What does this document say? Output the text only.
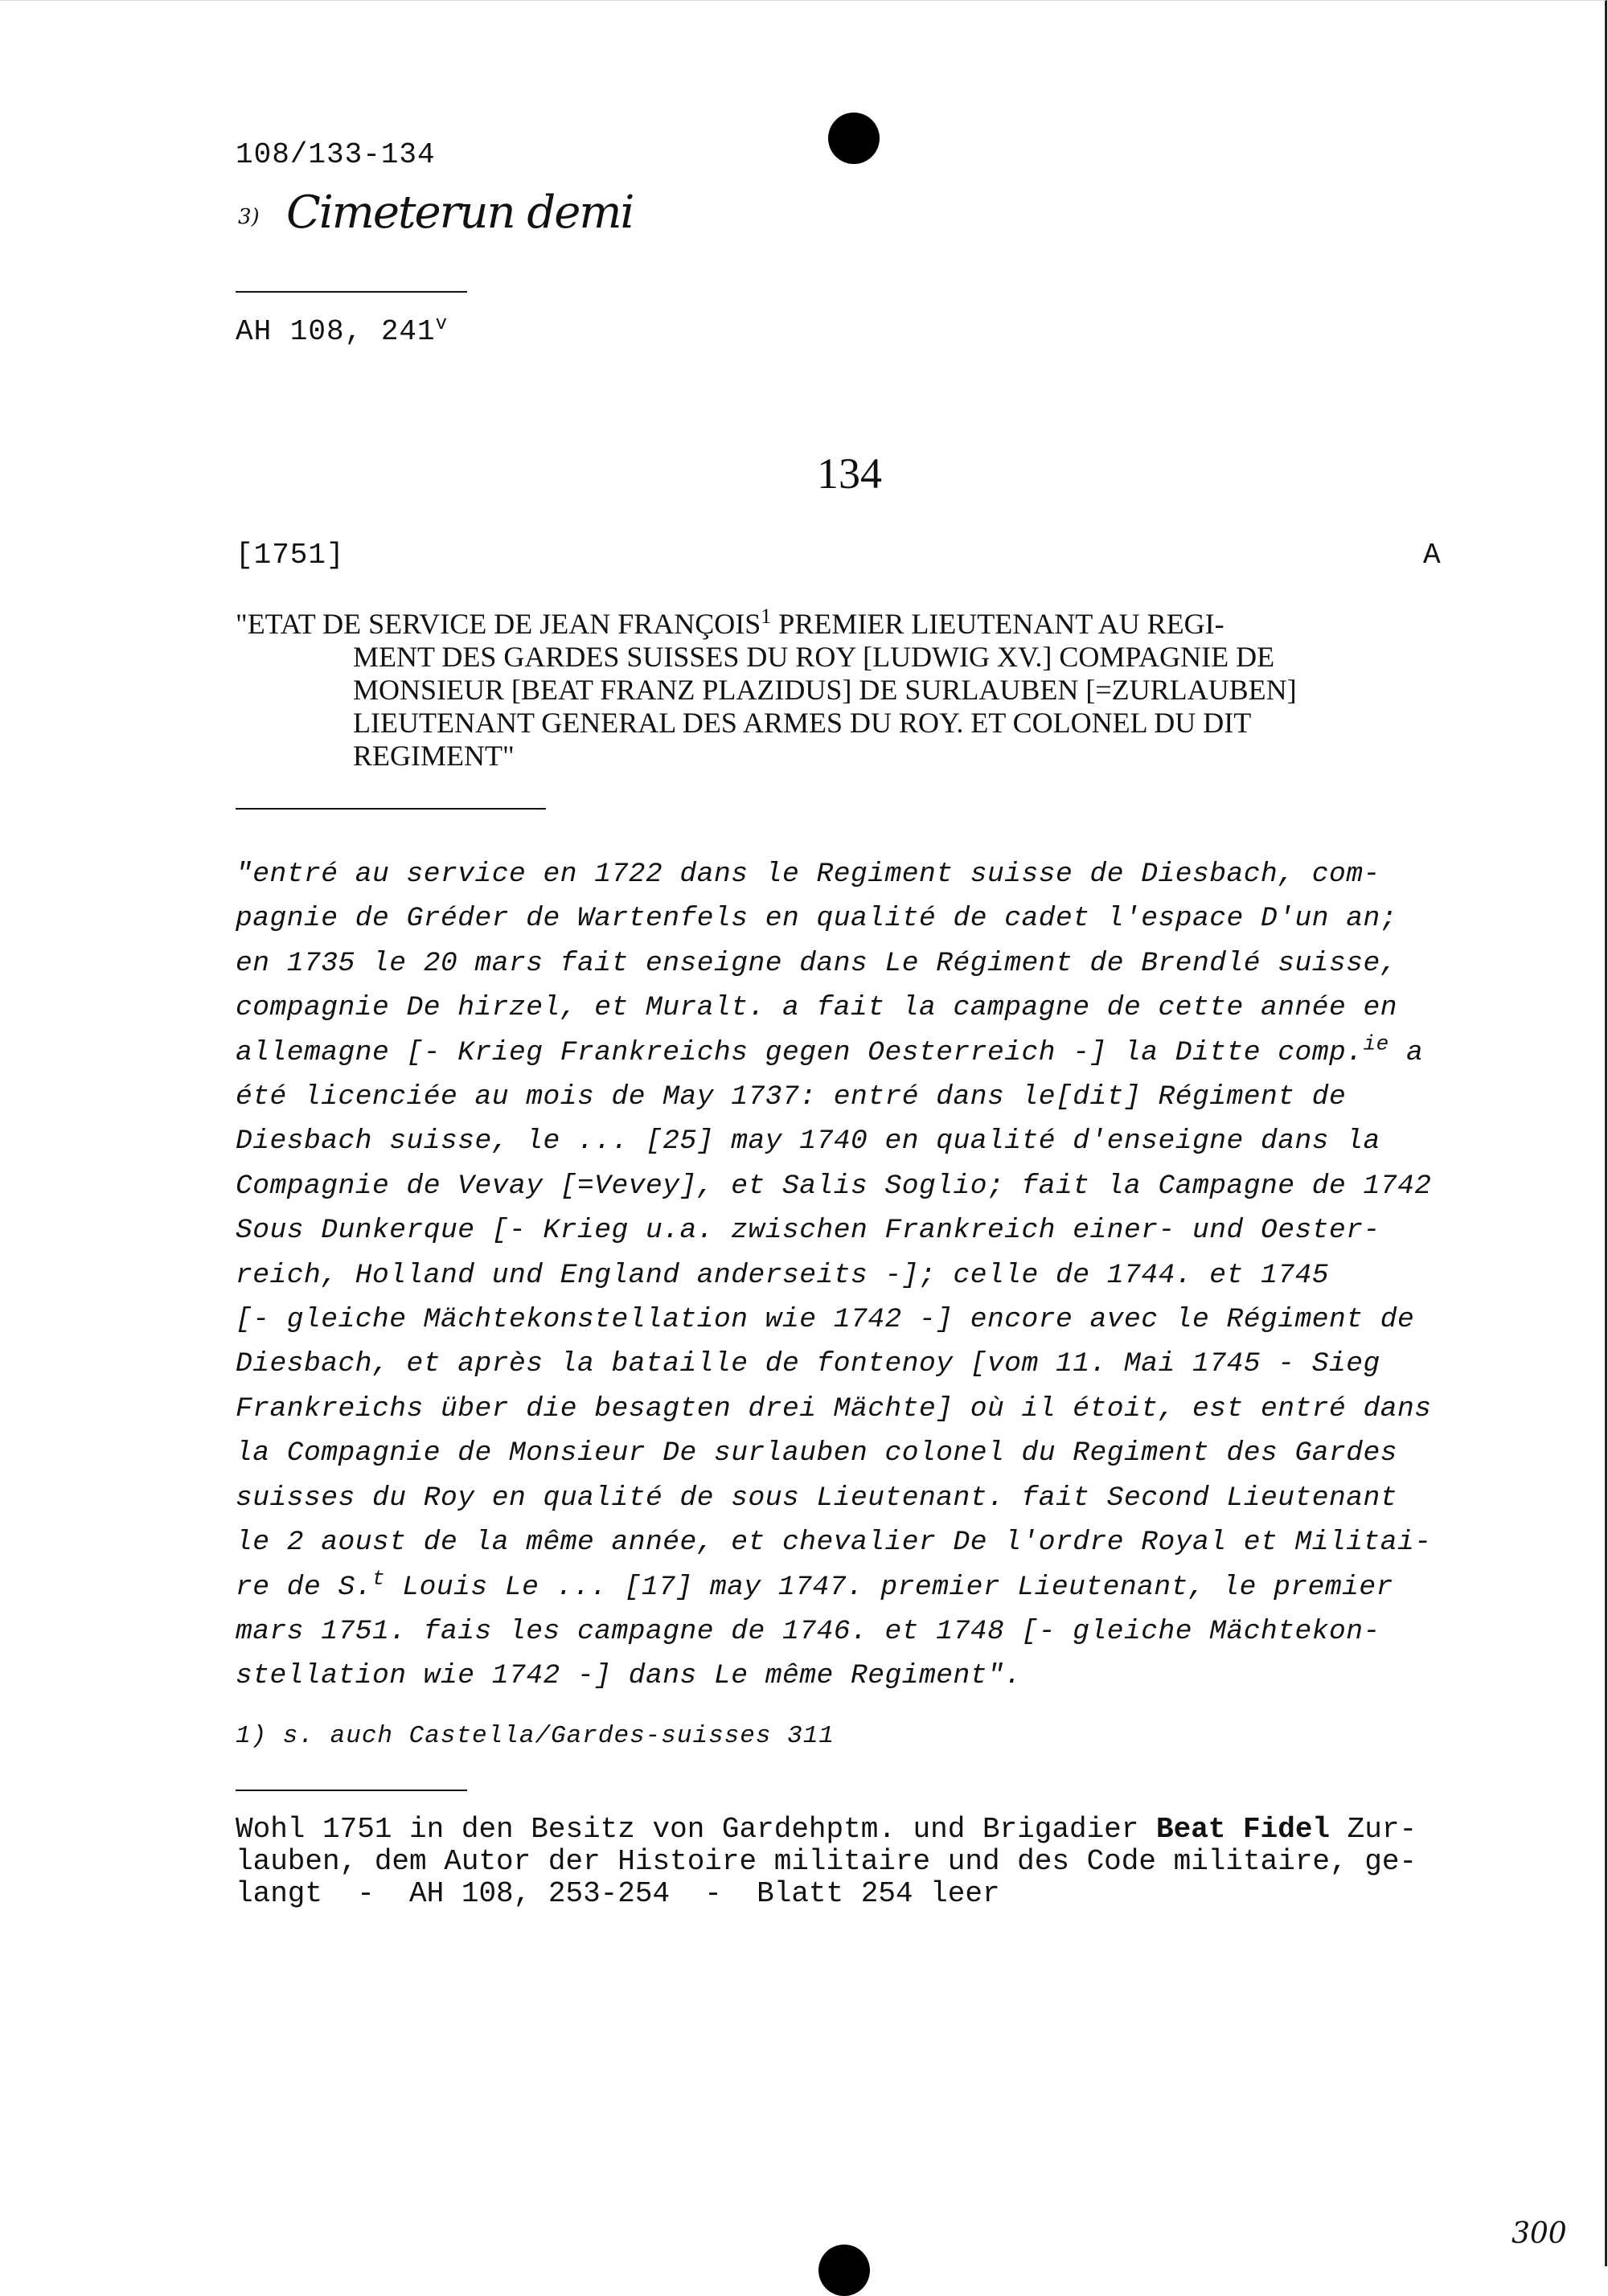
108/133-134
3) Cimeterun demi
AH 108, 241$^v$
134
[1751]	A
"ETAT DE SERVICE DE JEAN FRANÇOIS$^1$ PREMIER LIEUTENANT AU REGI-
MENT DES GARDES SUISSES DU ROY [LUDWIG XV.] COMPAGNIE DE
MONSIEUR [BEAT FRANZ PLAZIDUS] DE SURLAUBEN [=ZURLAUBEN]
LIEUTENANT GENERAL DES ARMES DU ROY. ET COLONEL DU DIT
REGIMENT"
"entré au service en 1722 dans le Regiment suisse de Diesbach, com-
pagnie de Gréder de Wartenfels en qualité de cadet l'espace D'un an;
en 1735 le 20 mars fait enseigne dans Le Régiment de Brendlé suisse,
compagnie De hirzel, et Muralt. a fait la campagne de cette année en
allemagne [- Krieg Frankreichs gegen Oesterreich -] la Ditte comp.$^{ie}$ a
été licenciée au mois de May 1737: entré dans le[dit] Régiment de
Diesbach suisse, le ... [25] may 1740 en qualité d'enseigne dans la
Compagnie de Vevay [=Vevey], et Salis Soglio; fait la Campagne de 1742
Sous Dunkerque [- Krieg u.a. zwischen Frankreich einer- und Oester-
reich, Holland und England anderseits -]; celle de 1744. et 1745
[- gleiche Mächtekonstellation wie 1742 -] encore avec le Régiment de
Diesbach, et après la bataille de fontenoy [vom 11. Mai 1745 - Sieg
Frankreichs über die besagten drei Mächte] où il étoit, est entré dans
la Compagnie de Monsieur De surlauben colonel du Regiment des Gardes
suisses du Roy en qualité de sous Lieutenant. fait Second Lieutenant
le 2 aoust de la même année, et chevalier De l'ordre Royal et Militai-
re de S.$^t$ Louis Le ... [17] may 1747. premier Lieutenant, le premier
mars 1751. fais les campagne de 1746. et 1748 [- gleiche Mächtekon-
stellation wie 1742 -] dans Le même Regiment".
1) s. auch Castella/Gardes-suisses 311
Wohl 1751 in den Besitz von Gardehptm. und Brigadier Beat Fidel Zur-
lauben, dem Autor der Histoire militaire und des Code militaire, ge-
langt  -  AH 108, 253-254  -  Blatt 254 leer
300
